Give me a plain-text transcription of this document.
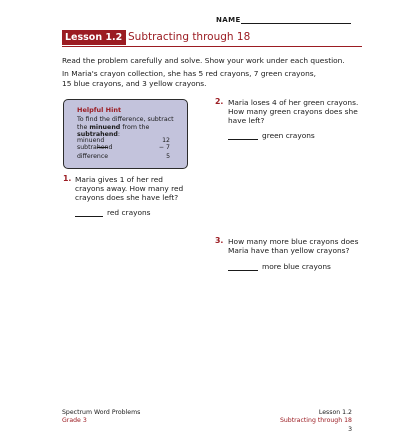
NAME
Lesson 1.2 Subtracting through 18
Read the problem carefully and solve. Show your work under each question.
In Maria's crayon collection, she has 5 red crayons, 7 green crayons, 15 blue crayons, and 3 yellow crayons.
Helpful Hint
To find the difference, subtract the minuend from the subtrahend:
minuend	12
subtrahend	− 7
difference	5
1. Maria gives 1 of her red crayons away. How many red crayons does she have left?
red crayons
2. Maria loses 4 of her green crayons. How many green crayons does she have left?
green crayons
3. How many more blue crayons does Maria have than yellow crayons?
more blue crayons
Spectrum Word Problems
Grade 3
Lesson 1.2
Subtracting through 18
3
